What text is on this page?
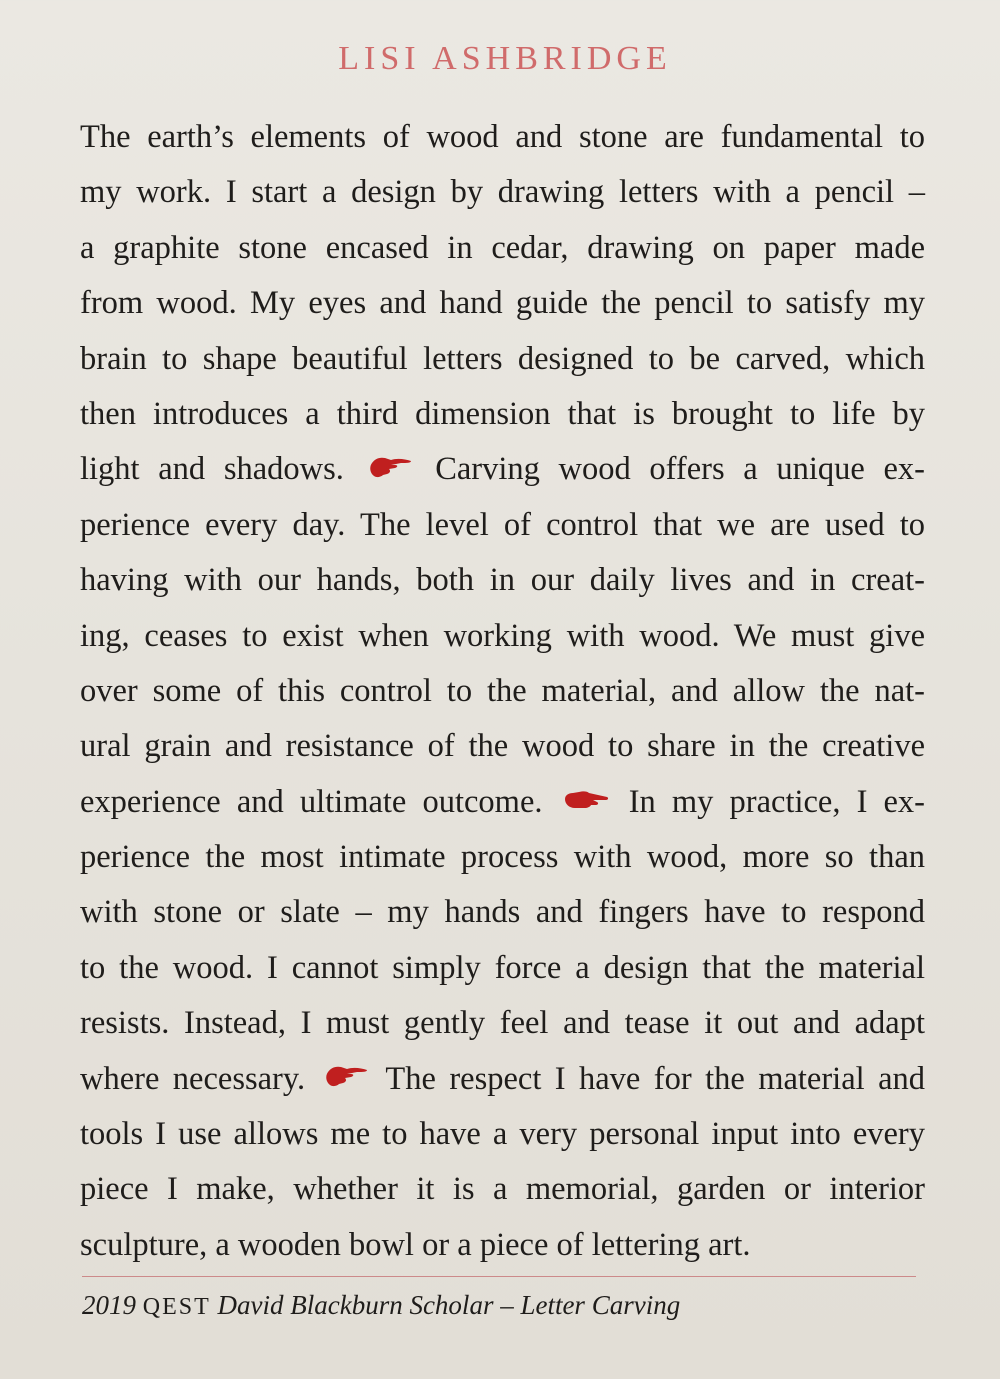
LISI ASHBRIDGE
The earth’s elements of wood and stone are fundamental to
my work. I start a design by drawing letters with a pencil –
a graphite stone encased in cedar, drawing on paper made
from wood. My eyes and hand guide the pencil to satisfy my
brain to shape beautiful letters designed to be carved, which
then introduces a third dimension that is brought to life by
light and shadows.	Carving wood offers a unique ex-
perience every day. The level of control that we are used to
having with our hands, both in our daily lives and in creat-
ing, ceases to exist when working with wood. We must give
over some of this control to the material, and allow the nat-
ural grain and resistance of the wood to share in the creative
experience and ultimate outcome.	In my practice, I ex-
perience the most intimate process with wood, more so than
with stone or slate – my hands and fingers have to respond
to the wood. I cannot simply force a design that the material
resists. Instead, I must gently feel and tease it out and adapt
where necessary. The respect I have for the material and
tools I use allows me to have a very personal input into every
piece I make, whether it is a memorial, garden or interior
sculpture, a wooden bowl or a piece of lettering art.
2019 QEST David Blackburn Scholar – Letter Carving
